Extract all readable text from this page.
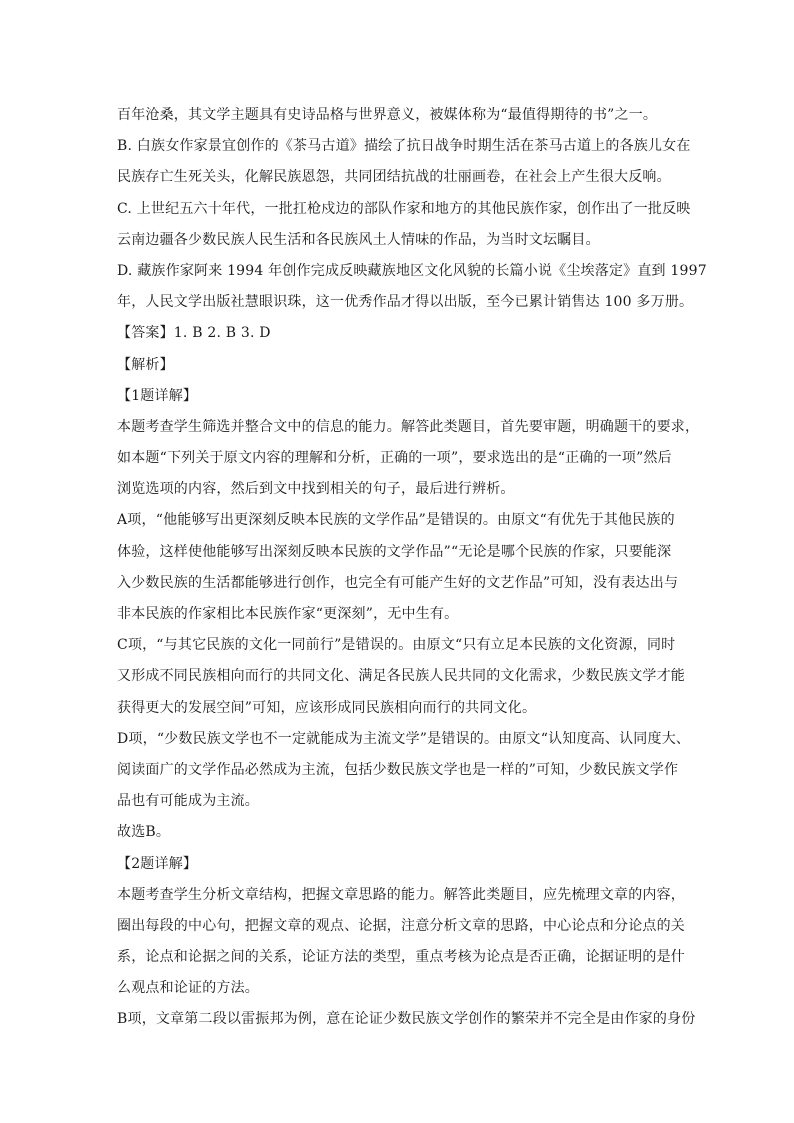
百年沧桑，其文学主题具有史诗品格与世界意义，被媒体称为“最值得期待的书”之一。
B. 白族女作家景宜创作的《茶马古道》描绘了抗日战争时期生活在茶马古道上的各族儿女在
民族存亡生死关头，化解民族恩怨，共同团结抗战的壮丽画卷，在社会上产生很大反响。
C. 上世纪五六十年代，一批扛枪戍边的部队作家和地方的其他民族作家，创作出了一批反映
云南边疆各少数民族人民生活和各民族风土人情味的作品，为当时文坛瞩目。
D. 藏族作家阿来 1994 年创作完成反映藏族地区文化风貌的长篇小说《尘埃落定》直到 1997
年，人民文学出版社慧眼识珠，这一优秀作品才得以出版，至今已累计销售达 100 多万册。
【答案】1. B 2. B 3. D
【解析】
【1题详解】
本题考查学生筛选并整合文中的信息的能力。解答此类题目，首先要审题，明确题干的要求，
如本题“下列关于原文内容的理解和分析，正确的一项”，要求选出的是“正确的一项”然后
浏览选项的内容，然后到文中找到相关的句子，最后进行辨析。
A项，“他能够写出更深刻反映本民族的文学作品”是错误的。由原文“有优先于其他民族的
体验，这样使他能够写出深刻反映本民族的文学作品”“无论是哪个民族的作家，只要能深
入少数民族的生活都能够进行创作，也完全有可能产生好的文艺作品”可知，没有表达出与
非本民族的作家相比本民族作家“更深刻”，无中生有。
C项，“与其它民族的文化一同前行”是错误的。由原文“只有立足本民族的文化资源，同时
又形成不同民族相向而行的共同文化、满足各民族人民共同的文化需求，少数民族文学才能
获得更大的发展空间”可知，应该形成同民族相向而行的共同文化。
D项，“少数民族文学也不一定就能成为主流文学”是错误的。由原文“认知度高、认同度大、
阅读面广的文学作品必然成为主流，包括少数民族文学也是一样的”可知，少数民族文学作
品也有可能成为主流。
故选B。
【2题详解】
本题考查学生分析文章结构，把握文章思路的能力。解答此类题目，应先梳理文章的内容，
圈出每段的中心句，把握文章的观点、论据，注意分析文章的思路，中心论点和分论点的关
系，论点和论据之间的关系，论证方法的类型，重点考核为论点是否正确，论据证明的是什
么观点和论证的方法。
B项，文章第二段以雷振邦为例，意在论证少数民族文学创作的繁荣并不完全是由作家的身份
